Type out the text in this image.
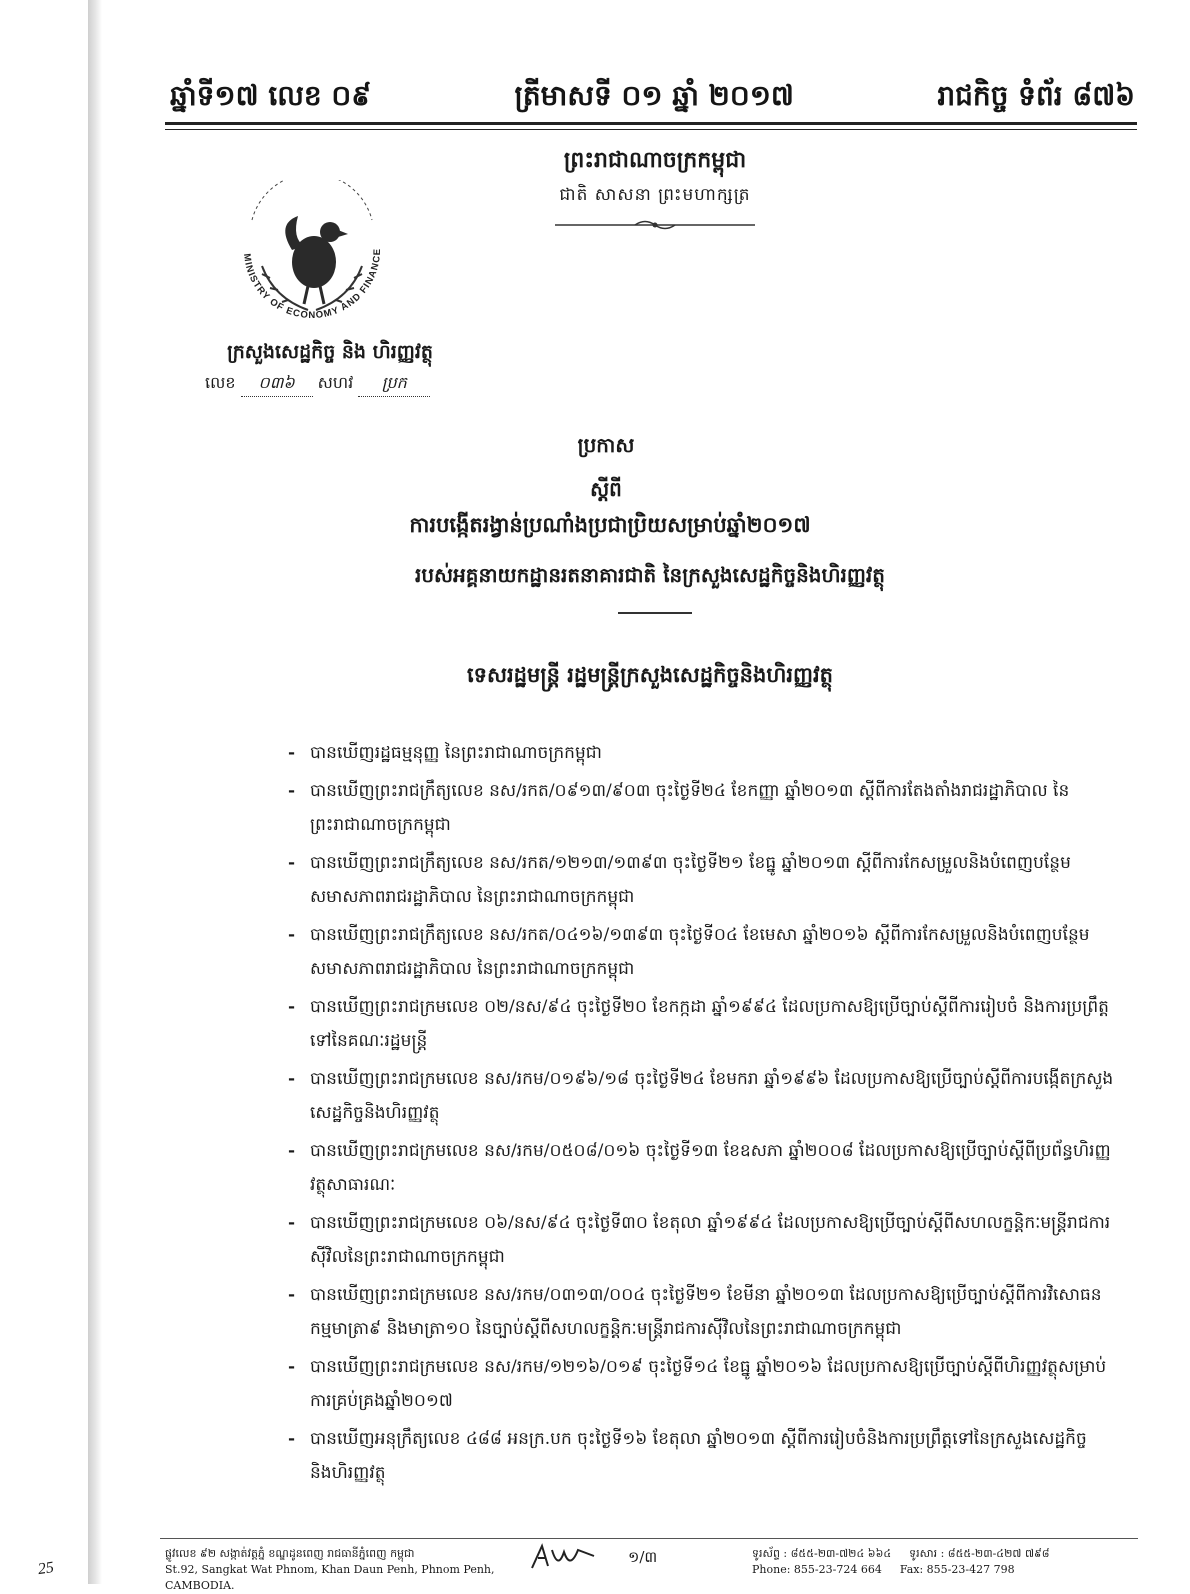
ឆ្នាំទី១៧ លេខ ០៩	ត្រីមាសទី ០១ ឆ្នាំ ២០១៧	រាជកិច្ច ទំព័រ ៨៧៦
ព្រះរាជាណាចក្រកម្ពុជា
ជាតិ សាសនា ព្រះមហាក្សត្រ
MINISTRY OF ECONOMY AND FINANCE
ក្រសួងសេដ្ឋកិច្ច និង ហិរញ្ញវត្ថុ
លេខ ០៣៦ សហវ ប្រក
ប្រកាស
ស្តីពី
ការបង្កើតរង្វាន់ប្រណាំងប្រជាប្រិយសម្រាប់ឆ្នាំ២០១៧
របស់អគ្គនាយកដ្ឋានរតនាគារជាតិ នៃក្រសួងសេដ្ឋកិច្ចនិងហិរញ្ញវត្ថុ
ទេសរដ្ឋមន្ត្រី រដ្ឋមន្ត្រីក្រសួងសេដ្ឋកិច្ចនិងហិរញ្ញវត្ថុ
- បានឃើញរដ្ឋធម្មនុញ្ញ នៃព្រះរាជាណាចក្រកម្ពុជា
- បានឃើញព្រះរាជក្រឹត្យលេខ នស/រកត/០៩១៣/៩០៣ ចុះថ្ងៃទី២៤ ខែកញ្ញា ឆ្នាំ២០១៣ ស្តីពីការតែងតាំងរាជរដ្ឋាភិបាល នៃព្រះរាជាណាចក្រកម្ពុជា
- បានឃើញព្រះរាជក្រឹត្យលេខ នស/រកត/១២១៣/១៣៩៣ ចុះថ្ងៃទី២១ ខែធ្នូ ឆ្នាំ២០១៣ ស្តីពីការកែសម្រួលនិងបំពេញបន្ថែមសមាសភាពរាជរដ្ឋាភិបាល នៃព្រះរាជាណាចក្រកម្ពុជា
- បានឃើញព្រះរាជក្រឹត្យលេខ នស/រកត/០៤១៦/១៣៩៣ ចុះថ្ងៃទី០៤ ខែមេសា ឆ្នាំ២០១៦ ស្តីពីការកែសម្រួលនិងបំពេញបន្ថែមសមាសភាពរាជរដ្ឋាភិបាល នៃព្រះរាជាណាចក្រកម្ពុជា
- បានឃើញព្រះរាជក្រមលេខ ០២/នស/៩៤ ចុះថ្ងៃទី២០ ខែកក្កដា ឆ្នាំ១៩៩៤ ដែលប្រកាសឱ្យប្រើច្បាប់ស្តីពីការរៀបចំ និងការប្រព្រឹត្តទៅនៃគណៈរដ្ឋមន្ត្រី
- បានឃើញព្រះរាជក្រមលេខ នស/រកម/០១៩៦/១៨ ចុះថ្ងៃទី២៤ ខែមករា ឆ្នាំ១៩៩៦ ដែលប្រកាសឱ្យប្រើច្បាប់ស្តីពីការបង្កើតក្រសួងសេដ្ឋកិច្ចនិងហិរញ្ញវត្ថុ
- បានឃើញព្រះរាជក្រមលេខ នស/រកម/០៥០៨/០១៦ ចុះថ្ងៃទី១៣ ខែឧសភា ឆ្នាំ២០០៨ ដែលប្រកាសឱ្យប្រើច្បាប់ស្តីពីប្រព័ន្ធហិរញ្ញវត្ថុសាធារណៈ
- បានឃើញព្រះរាជក្រមលេខ ០៦/នស/៩៤ ចុះថ្ងៃទី៣០ ខែតុលា ឆ្នាំ១៩៩៤ ដែលប្រកាសឱ្យប្រើច្បាប់ស្តីពីសហលក្ខន្តិកៈមន្ត្រីរាជការស៊ីវិលនៃព្រះរាជាណាចក្រកម្ពុជា
- បានឃើញព្រះរាជក្រមលេខ នស/រកម/០៣១៣/០០៤ ចុះថ្ងៃទី២១ ខែមីនា ឆ្នាំ២០១៣ ដែលប្រកាសឱ្យប្រើច្បាប់ស្តីពីការវិសោធនកម្មមាត្រា៩ និងមាត្រា១០ នៃច្បាប់ស្តីពីសហលក្ខន្តិកៈមន្ត្រីរាជការស៊ីវិលនៃព្រះរាជាណាចក្រកម្ពុជា
- បានឃើញព្រះរាជក្រមលេខ នស/រកម/១២១៦/០១៩ ចុះថ្ងៃទី១៤ ខែធ្នូ ឆ្នាំ២០១៦ ដែលប្រកាសឱ្យប្រើច្បាប់ស្តីពីហិរញ្ញវត្ថុសម្រាប់ការគ្រប់គ្រងឆ្នាំ២០១៧
- បានឃើញអនុក្រឹត្យលេខ ៤៨៨ អនក្រ.បក ចុះថ្ងៃទី១៦ ខែតុលា ឆ្នាំ២០១៣ ស្តីពីការរៀបចំនិងការប្រព្រឹត្តទៅនៃក្រសួងសេដ្ឋកិច្ចនិងហិរញ្ញវត្ថុ
ផ្លូវលេខ ៩២ សង្កាត់វត្តភ្នំ ខណ្ឌដូនពេញ រាជធានីភ្នំពេញ កម្ពុជា
St.92, Sangkat Wat Phnom, Khan Daun Penh, Phnom Penh, CAMBODIA.
១/៣	ទូរស័ព្ទ : ៨៥៥-២៣-៧២៤ ៦៦៤ ទូរសារ : ៨៥៥-២៣-៤២៧ ៧៩៨
Phone: 855-23-724 664 Fax: 855-23-427 798
25
